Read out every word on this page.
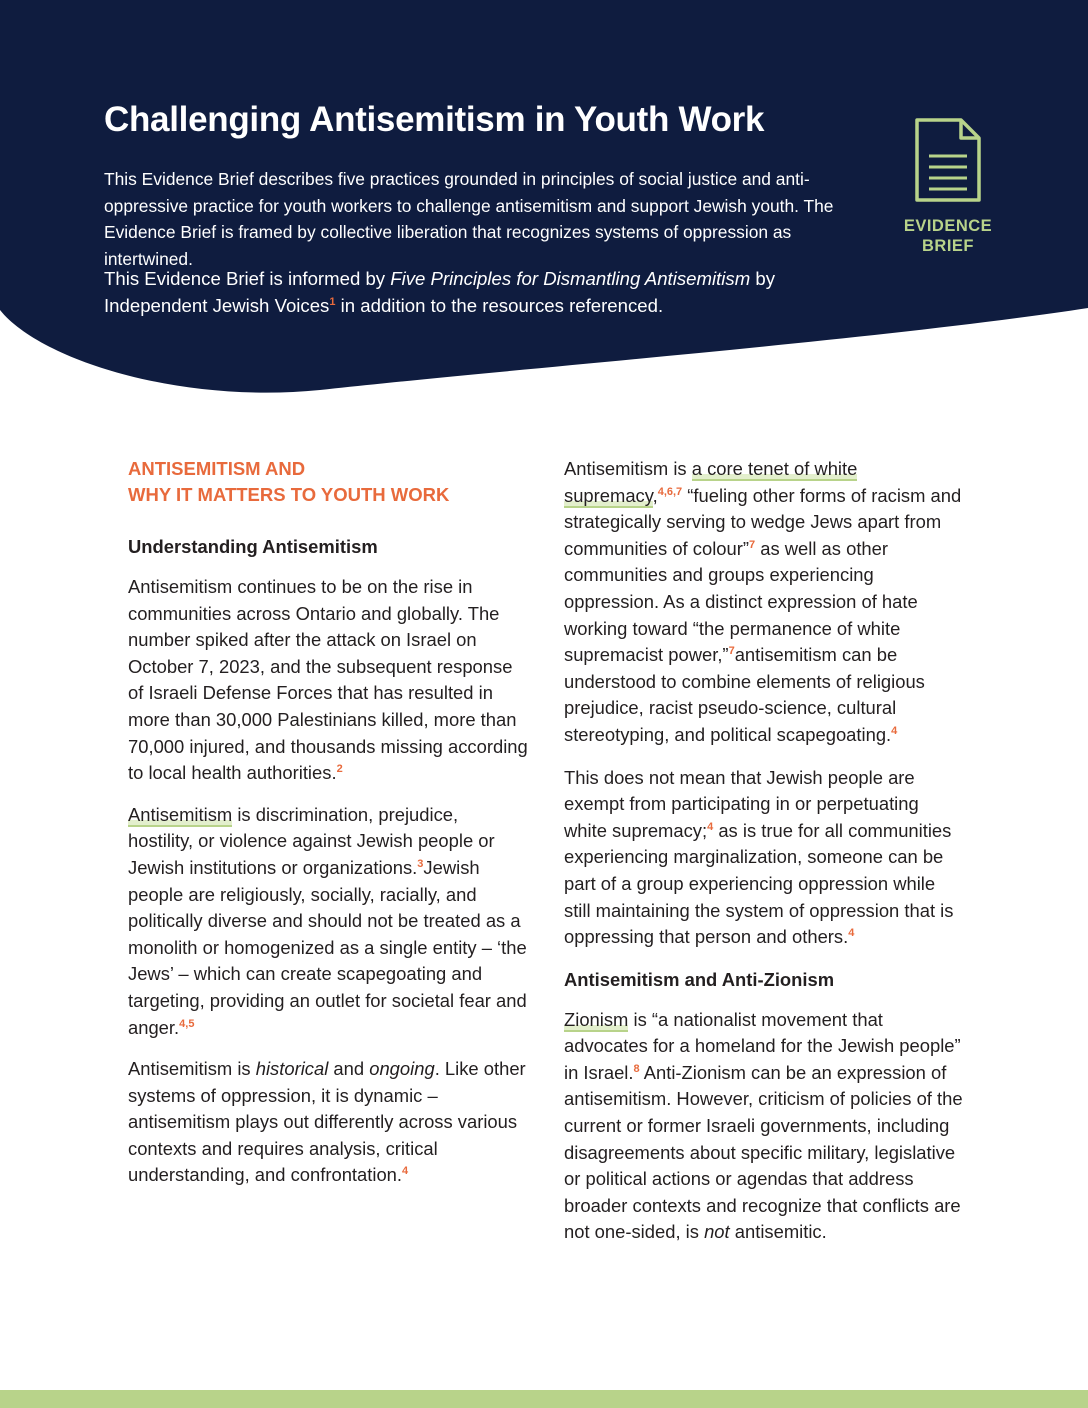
Challenging Antisemitism in Youth Work

This Evidence Brief describes five practices grounded in principles of social justice and anti-oppressive practice for youth workers to challenge antisemitism and support Jewish youth. The Evidence Brief is framed by collective liberation that recognizes systems of oppression as intertwined.

This Evidence Brief is informed by Five Principles for Dismantling Antisemitism by Independent Jewish Voices$^1$ in addition to the resources referenced.

EVIDENCE
BRIEF
ANTISEMITISM AND
WHY IT MATTERS TO YOUTH WORK
Understanding Antisemitism

Antisemitism continues to be on the rise in communities across Ontario and globally. The number spiked after the attack on Israel on October 7, 2023, and the subsequent response of Israeli Defense Forces that has resulted in more than 30,000 Palestinians killed, more than 70,000 injured, and thousands missing according to local health authorities.$^2$

Antisemitism is discrimination, prejudice, hostility, or violence against Jewish people or Jewish institutions or organizations.$^3$Jewish people are religiously, socially, racially, and politically diverse and should not be treated as a monolith or homogenized as a single entity – ‘the Jews’ – which can create scapegoating and targeting, providing an outlet for societal fear and anger.$^{4,5}$

Antisemitism is historical and ongoing. Like other systems of oppression, it is dynamic – antisemitism plays out differently across various contexts and requires analysis, critical understanding, and confrontation.$^4$

Antisemitism is a core tenet of white supremacy,$^{4,6,7}$ “fueling other forms of racism and strategically serving to wedge Jews apart from communities of colour”$^7$ as well as other communities and groups experiencing oppression. As a distinct expression of hate working toward “the permanence of white supremacist power,”$^7$antisemitism can be understood to combine elements of religious prejudice, racist pseudo-science, cultural stereotyping, and political scapegoating.$^4$

This does not mean that Jewish people are exempt from participating in or perpetuating white supremacy;$^4$ as is true for all communities experiencing marginalization, someone can be part of a group experiencing oppression while still maintaining the system of oppression that is oppressing that person and others.$^4$

Antisemitism and Anti-Zionism

Zionism is “a nationalist movement that advocates for a homeland for the Jewish people” in Israel.$^8$ Anti-Zionism can be an expression of antisemitism. However, criticism of policies of the current or former Israeli governments, including disagreements about specific military, legislative or political actions or agendas that address broader contexts and recognize that conflicts are not one-sided, is not antisemitic.
